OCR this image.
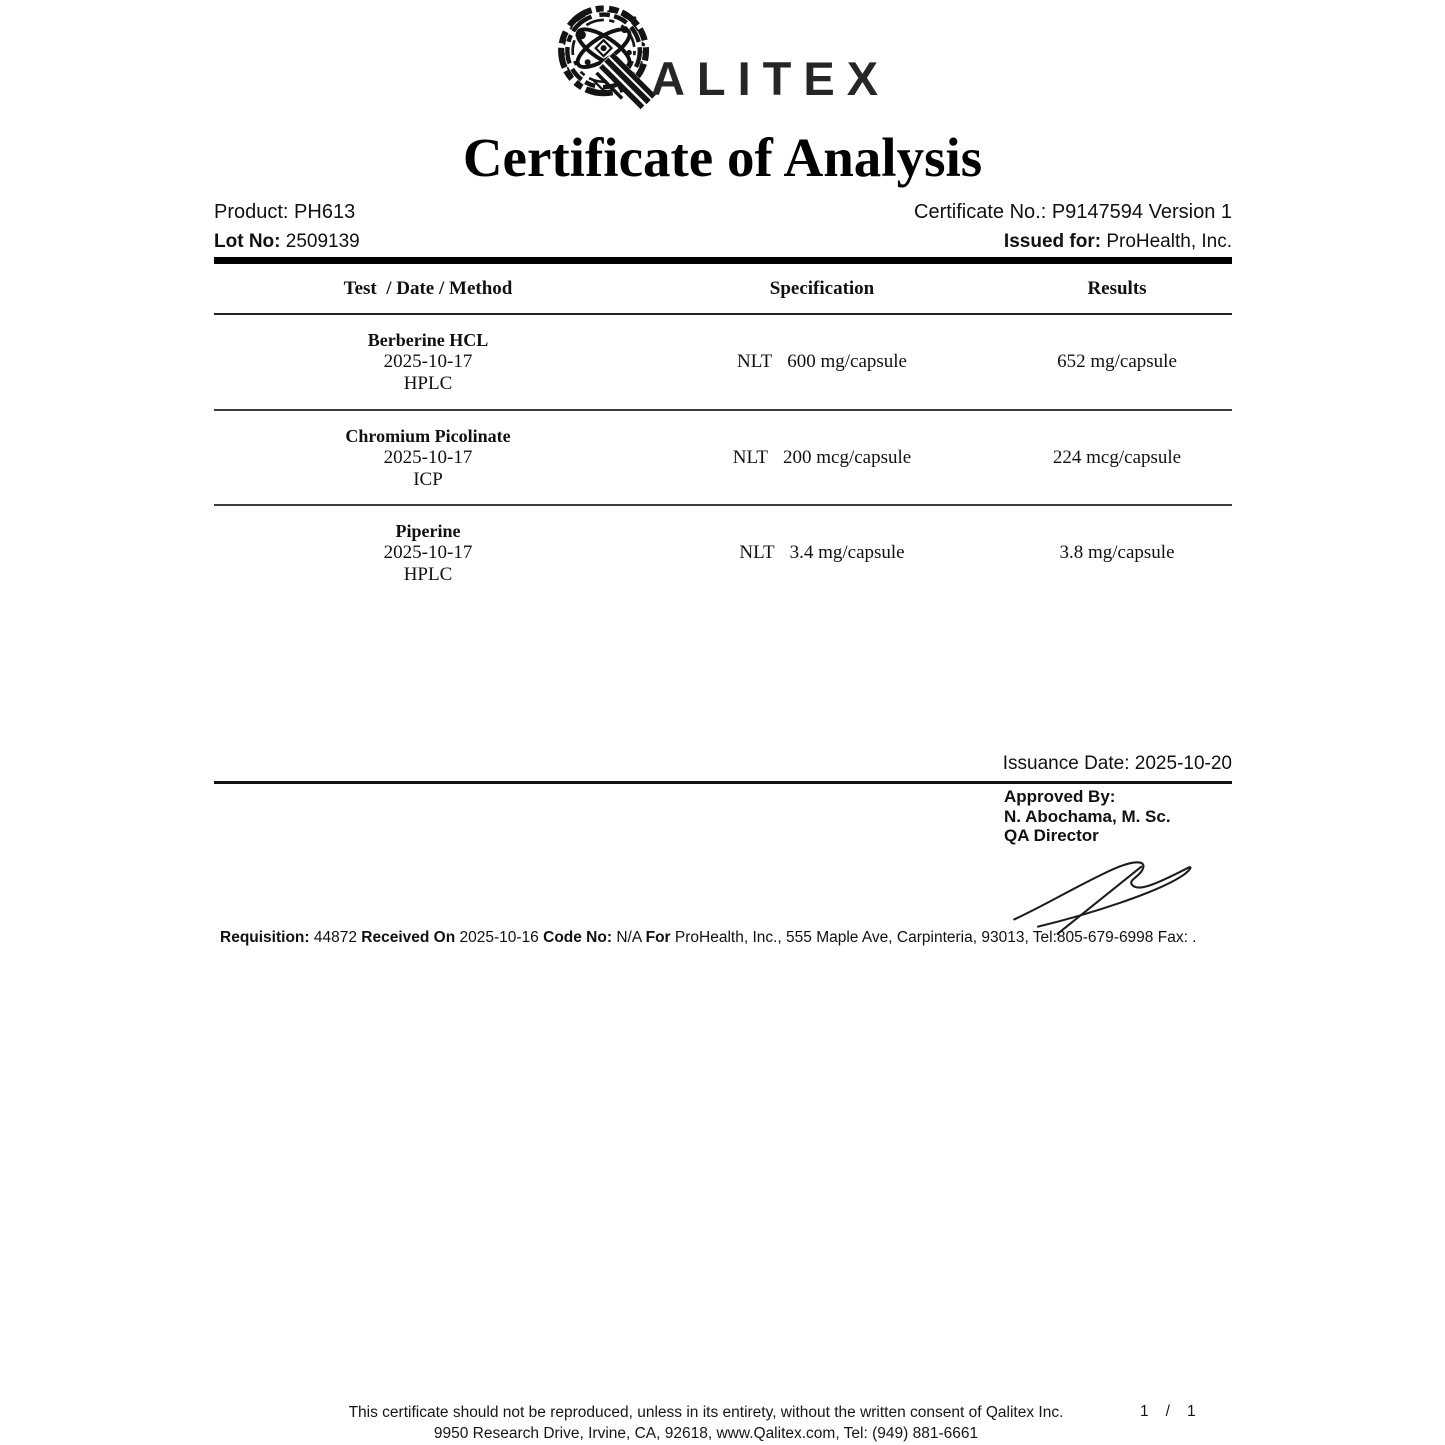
ALITEX
Certificate of Analysis
Product: PH613	Certificate No.: P9147594 Version 1
Lot No: 2509139	Issued for: ProHealth, Inc.
Test  / Date / Method	Specification	Results
Berberine HCL
2025-10-17
HPLC
NLT 600 mg/capsule	652 mg/capsule
Chromium Picolinate
2025-10-17
ICP
NLT 200 mcg/capsule	224 mcg/capsule
Piperine
2025-10-17
HPLC
NLT 3.4 mg/capsule	3.8 mg/capsule
Issuance Date: 2025-10-20
Approved By:
N. Abochama, M. Sc.
QA Director
Requisition: 44872 Received On 2025-10-16 Code No: N/A For ProHealth, Inc., 555 Maple Ave, Carpinteria, 93013, Tel:805-679-6998 Fax: .
This certificate should not be reproduced, unless in its entirety, without the written consent of Qalitex Inc.
9950 Research Drive, Irvine, CA, 92618, www.Qalitex.com, Tel: (949) 881-6661
1 / 1
